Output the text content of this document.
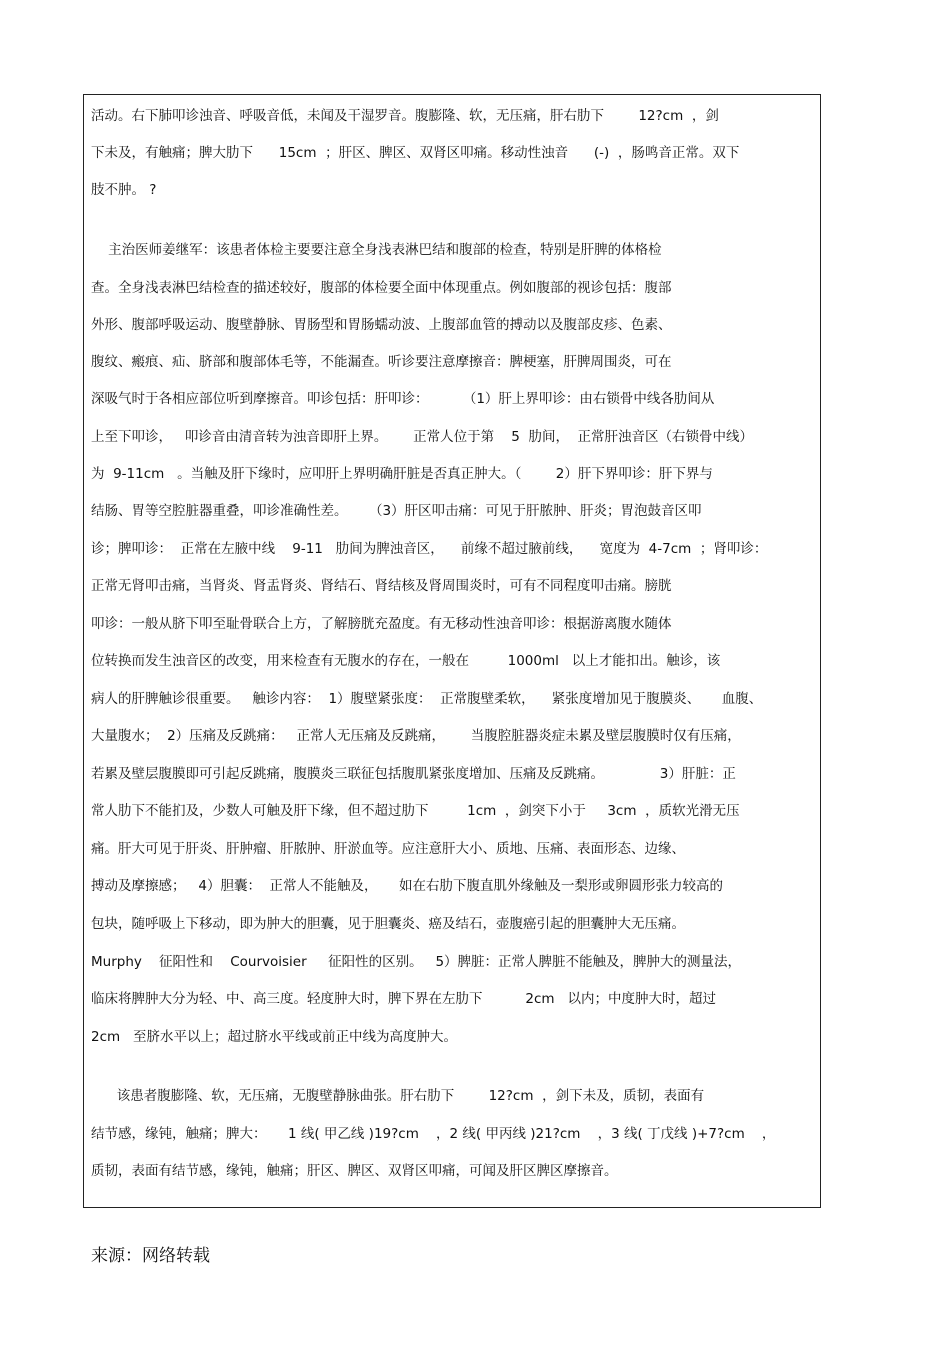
活动。右下肺叩诊浊音、呼吸音低，未闻及干湿罗音。腹膨隆、软，无压痛，肝右肋下        12?cm  ，剑
下未及，有触痛；脾大肋下      15cm  ；肝区、脾区、双肾区叩痛。移动性浊音      (-)  ，肠鸣音正常。双下
肢不肿。 ?
主治医师姜继军：该患者体检主要要注意全身浅表淋巴结和腹部的检查，特别是肝脾的体格检
查。全身浅表淋巴结检查的描述较好，腹部的体检要全面中体现重点。例如腹部的视诊包括：腹部
外形、腹部呼吸运动、腹壁静脉、胃肠型和胃肠蠕动波、上腹部血管的搏动以及腹部皮疹、色素、
腹纹、瘢痕、疝、脐部和腹部体毛等，不能漏查。听诊要注意摩擦音：脾梗塞，肝脾周围炎，可在
深吸气时于各相应部位听到摩擦音。叩诊包括：肝叩诊：        （1）肝上界叩诊：由右锁骨中线各肋间从
上至下叩诊，   叩诊音由清音转为浊音即肝上界。      正常人位于第    5  肋间，  正常肝浊音区（右锁骨中线）
为  9-11cm   。当触及肝下缘时，应叩肝上界明确肝脏是否真正肿大。（        2）肝下界叩诊：肝下界与
结肠、胃等空腔脏器重叠，叩诊准确性差。     （3）肝区叩击痛：可见于肝脓肿、肝炎；胃泡鼓音区叩
诊；脾叩诊：  正常在左腋中线    9-11   肋间为脾浊音区，    前缘不超过腋前线，    宽度为  4-7cm  ；肾叩诊：
正常无肾叩击痛，当肾炎、肾盂肾炎、肾结石、肾结核及肾周围炎时，可有不同程度叩击痛。膀胱
叩诊：一般从脐下叩至耻骨联合上方，了解膀胱充盈度。有无移动性浊音叩诊：根据游离腹水随体
位转换而发生浊音区的改变，用来检查有无腹水的存在，一般在         1000ml   以上才能扣出。触诊，该
病人的肝脾触诊很重要。   触诊内容：  1）腹壁紧张度：  正常腹壁柔软，    紧张度增加见于腹膜炎、     血腹、
大量腹水；  2）压痛及反跳痛：   正常人无压痛及反跳痛，      当腹腔脏器炎症未累及壁层腹膜时仅有压痛，
若累及壁层腹膜即可引起反跳痛，腹膜炎三联征包括腹肌紧张度增加、压痛及反跳痛。             3）肝脏：正
常人肋下不能扪及，少数人可触及肝下缘，但不超过肋下         1cm  ，剑突下小于     3cm  ，质软光滑无压
痛。肝大可见于肝炎、肝肿瘤、肝脓肿、肝淤血等。应注意肝大小、质地、压痛、表面形态、边缘、
搏动及摩擦感；   4）胆囊：  正常人不能触及，     如在右肋下腹直肌外缘触及一梨形或卵圆形张力较高的
包块，随呼吸上下移动，即为肿大的胆囊，见于胆囊炎、癌及结石，壶腹癌引起的胆囊肿大无压痛。
Murphy    征阳性和    Courvoisier     征阳性的区别。   5）脾脏：正常人脾脏不能触及，脾肿大的测量法，
临床将脾肿大分为轻、中、高三度。轻度肿大时，脾下界在左肋下          2cm   以内；中度肿大时，超过
2cm   至脐水平以上；超过脐水平线或前正中线为高度肿大。
该患者腹膨隆、软，无压痛，无腹壁静脉曲张。肝右肋下        12?cm  ，剑下未及，质韧，表面有
结节感，缘钝，触痛；脾大：     1 线( 甲乙线 )19?cm    ，2 线( 甲丙线 )21?cm    ，3 线( 丁戊线 )+7?cm    ，
质韧，表面有结节感，缘钝，触痛；肝区、脾区、双肾区叩痛，可闻及肝区脾区摩擦音。
来源：网络转载
